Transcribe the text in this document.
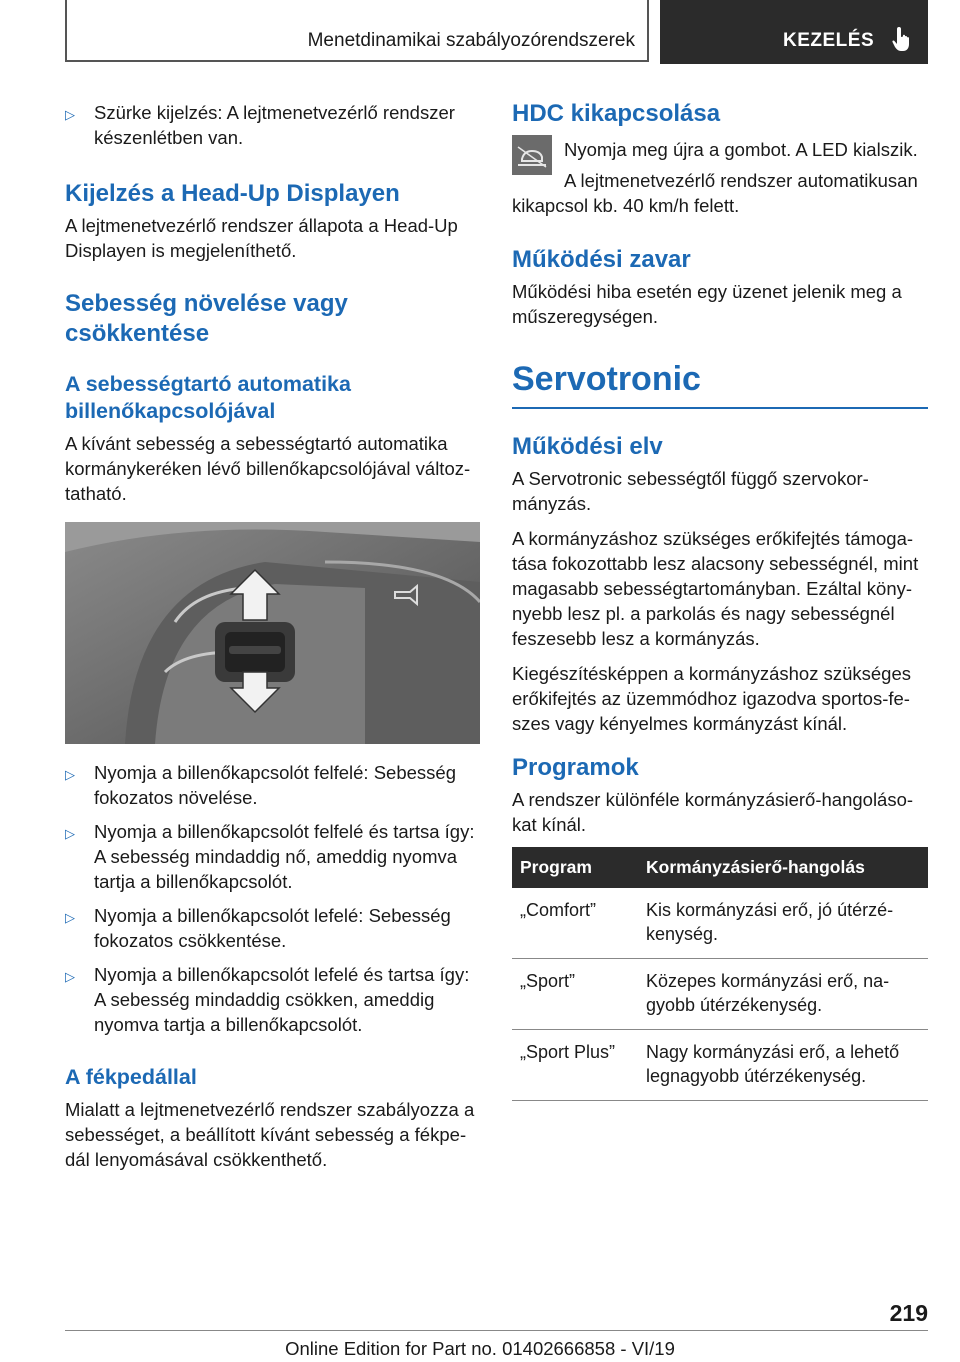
Menetdinamikai szabályozórendszerek	KEZELÉS
▷ Szürke kijelzés: A lejtmenetvezérlő rendszer készenlétben van.
Kijelzés a Head-Up Displayen

A lejtmenetvezérlő rendszer állapota a Head-Up Displayen is megjeleníthető.

Sebesség növelése vagy csökkentése
A sebességtartó automatika billenőkapcsolójával

A kívánt sebesség a sebességtartó automatika kormánykeréken lévő billenőkapcsolójával változtatható.

▷ Nyomja a billenőkapcsolót felfelé: Sebesség fokozatos növelése.
▷ Nyomja a billenőkapcsolót felfelé és tartsa így: A sebesség mindaddig nő, ameddig nyomva tartja a billenőkapcsolót.
▷ Nyomja a billenőkapcsolót lefelé: Sebesség fokozatos csökkentése.
▷ Nyomja a billenőkapcsolót lefelé és tartsa így: A sebesség mindaddig csökken, ameddig nyomva tartja a billenőkapcsolót.
A fékpedállal

Mialatt a lejtmenetvezérlő rendszer szabályozza a sebességet, a beállított kívánt sebesség a fékpedál lenyomásával csökkenthető.

HDC kikapcsolása

Nyomja meg újra a gombot. A LED kialszik.

A lejtmenetvezérlő rendszer automatikusan kikapcsol kb. 40 km/h felett.

Működési zavar

Működési hiba esetén egy üzenet jelenik meg a műszeregységen.

Servotronic
Működési elv

A Servotronic sebességtől függő szervokormányzás.

A kormányzáshoz szükséges erőkifejtés támogatása fokozottabb lesz alacsony sebességnél, mint magasabb sebességtartományban. Ezáltal könynyebb lesz pl. a parkolás és nagy sebességnél feszesebb lesz a kormányzás.

Kiegészítésképpen a kormányzáshoz szükséges erőkifejtés az üzemmódhoz igazodva sportos-feszes vagy kényelmes kormányzást kínál.

Programok

A rendszer különféle kormányzásierő-hangolásokat kínál.

Program	Kormányzásierő-hangolás
„Comfort”	Kis kormányzási erő, jó útérzékenység.
„Sport”	Közepes kormányzási erő, nagyobb útérzékenység.
„Sport Plus”	Nagy kormányzási erő, a lehető legnagyobb útérzékenység.
219
Online Edition for Part no. 01402666858 - VI/19
